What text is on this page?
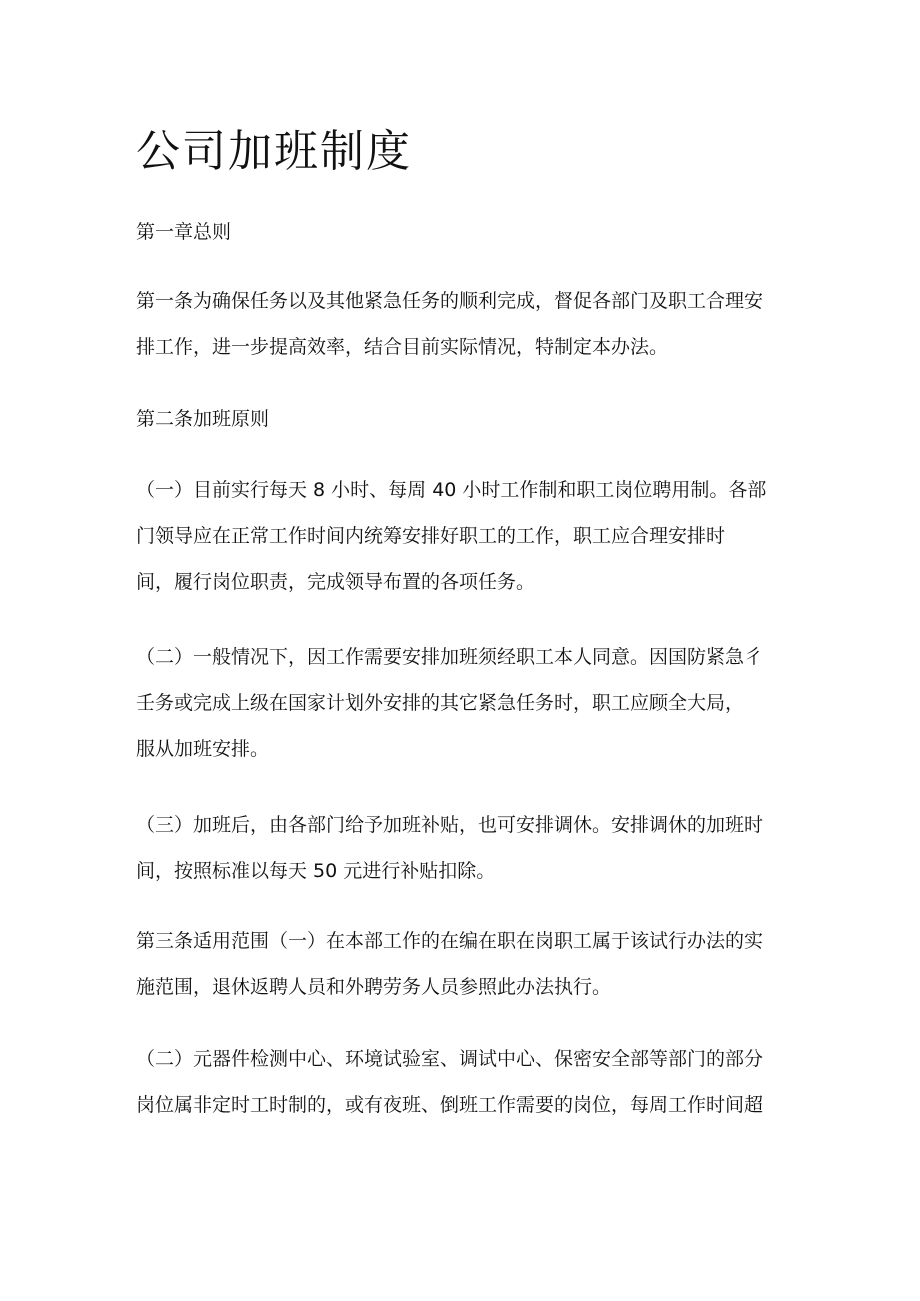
公司加班制度
第一章总则
第一条为确保任务以及其他紧急任务的顺利完成，督促各部门及职工合理安
排工作，进一步提高效率，结合目前实际情况，特制定本办法。
第二条加班原则
（一）目前实行每天 8 小时、每周 40 小时工作制和职工岗位聘用制。各部
门领导应在正常工作时间内统筹安排好职工的工作，职工应合理安排时
间，履行岗位职责，完成领导布置的各项任务。
（二）一般情况下，因工作需要安排加班须经职工本人同意。因国防紧急彳
壬务或完成上级在国家计划外安排的其它紧急任务时，职工应顾全大局，
服从加班安排。
（三）加班后，由各部门给予加班补贴，也可安排调休。安排调休的加班时
间，按照标准以每天 50 元进行补贴扣除。
第三条适用范围（一）在本部工作的在编在职在岗职工属于该试行办法的实
施范围，退休返聘人员和外聘劳务人员参照此办法执行。
（二）元器件检测中心、环境试验室、调试中心、保密安全部等部门的部分
岗位属非定时工时制的，或有夜班、倒班工作需要的岗位，每周工作时间超
